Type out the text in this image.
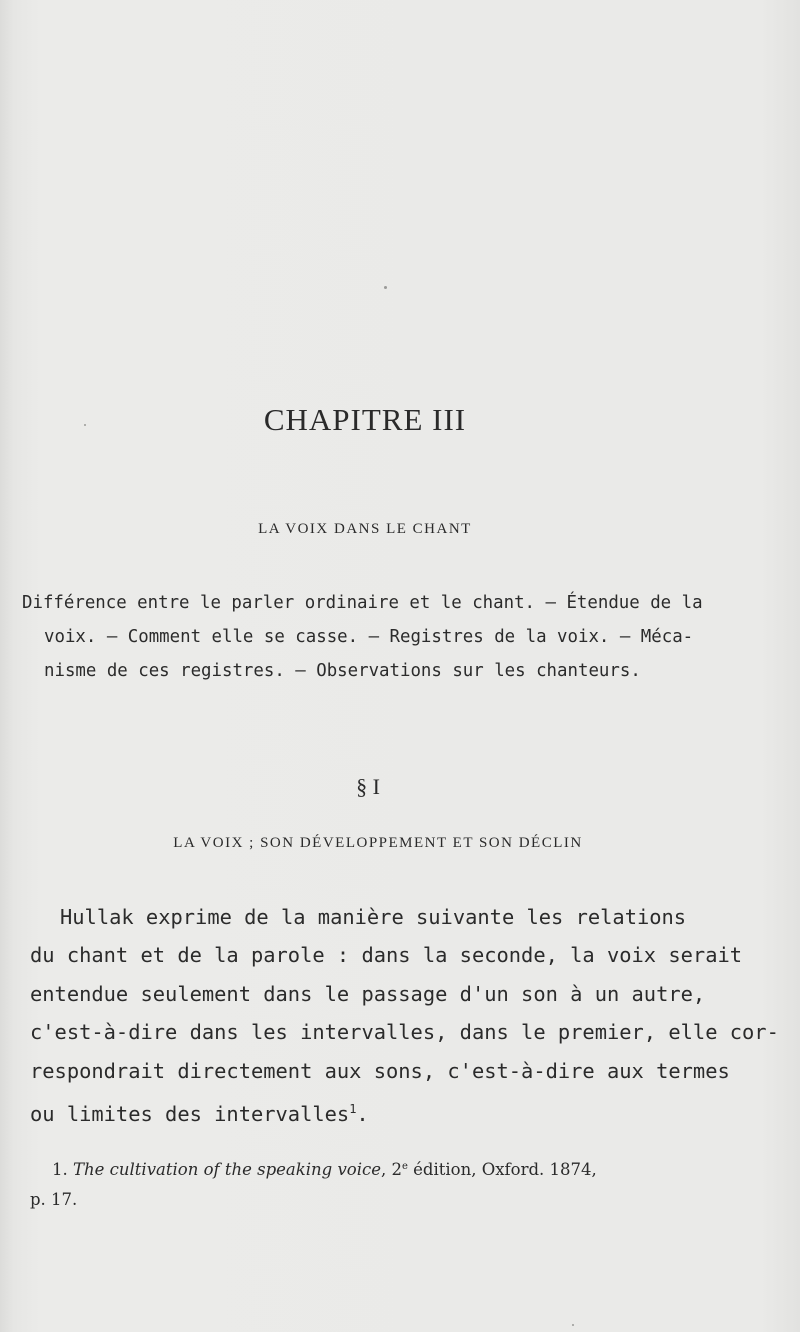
CHAPITRE III
LA VOIX DANS LE CHANT
Différence entre le parler ordinaire et le chant. — Étendue de la
voix. — Comment elle se casse. — Registres de la voix. — Méca-
nisme de ces registres. — Observations sur les chanteurs.
§ I
LA VOIX ; SON DÉVELOPPEMENT ET SON DÉCLIN
Hullak exprime de la manière suivante les relations
du chant et de la parole : dans la seconde, la voix serait
entendue seulement dans le passage d'un son à un autre,
c'est-à-dire dans les intervalles, dans le premier, elle cor-
respondrait directement aux sons, c'est-à-dire aux termes
ou limites des intervalles$^1$.
1. The cultivation of the speaking voice, 2e édition, Oxford. 1874,
p. 17.
